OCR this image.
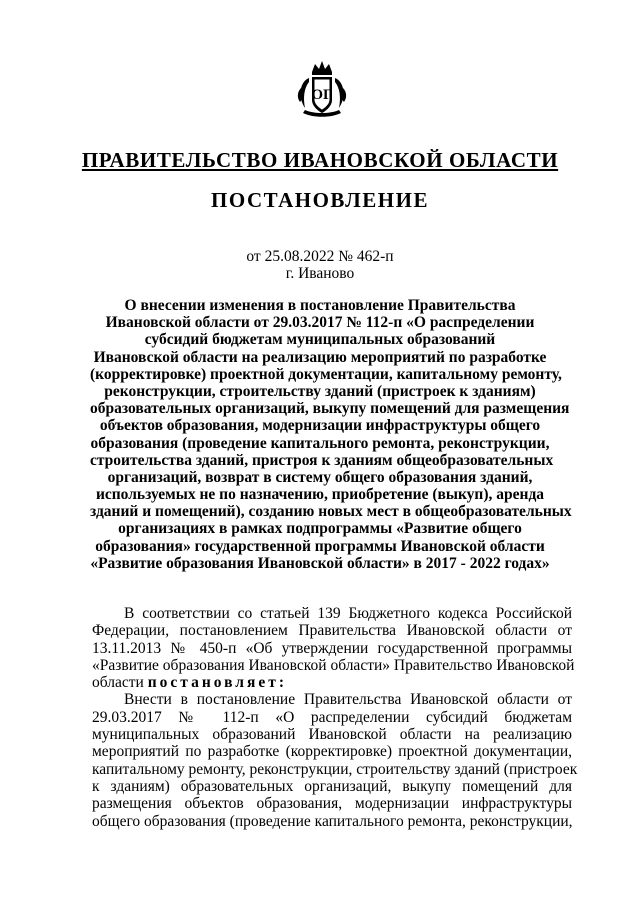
ОГ
ПРАВИТЕЛЬСТВО ИВАНОВСКОЙ ОБЛАСТИ
ПОСТАНОВЛЕНИЕ
от 25.08.2022 № 462-п
г. Иваново
О внесении изменения в постановление Правительства
Ивановской области от 29.03.2017 № 112-п «О распределении
субсидий бюджетам муниципальных образований
Ивановской области на реализацию мероприятий по разработке
(корректировке) проектной документации, капитальному ремонту,
реконструкции, строительству зданий (пристроек к зданиям)
образовательных организаций, выкупу помещений для размещения
объектов образования, модернизации инфраструктуры общего
образования (проведение капитального ремонта, реконструкции,
строительства зданий, пристроя к зданиям общеобразовательных
организаций, возврат в систему общего образования зданий,
используемых не по назначению, приобретение (выкуп), аренда
зданий и помещений), созданию новых мест в общеобразовательных
организациях в рамках подпрограммы «Развитие общего
образования» государственной программы Ивановской области
«Развитие образования Ивановской области» в 2017 - 2022 годах»
В соответствии со статьей 139 Бюджетного кодекса Российской
Федерации, постановлением Правительства Ивановской области от
13.11.2013 № 450-п «Об утверждении государственной программы
«Развитие образования Ивановской области» Правительство Ивановской
области постановляет:
Внести в постановление Правительства Ивановской области от
29.03.2017 № 112-п «О распределении субсидий бюджетам
муниципальных образований Ивановской области на реализацию
мероприятий по разработке (корректировке) проектной документации,
капитальному ремонту, реконструкции, строительству зданий (пристроек
к зданиям) образовательных организаций, выкупу помещений для
размещения объектов образования, модернизации инфраструктуры
общего образования (проведение капитального ремонта, реконструкции,
